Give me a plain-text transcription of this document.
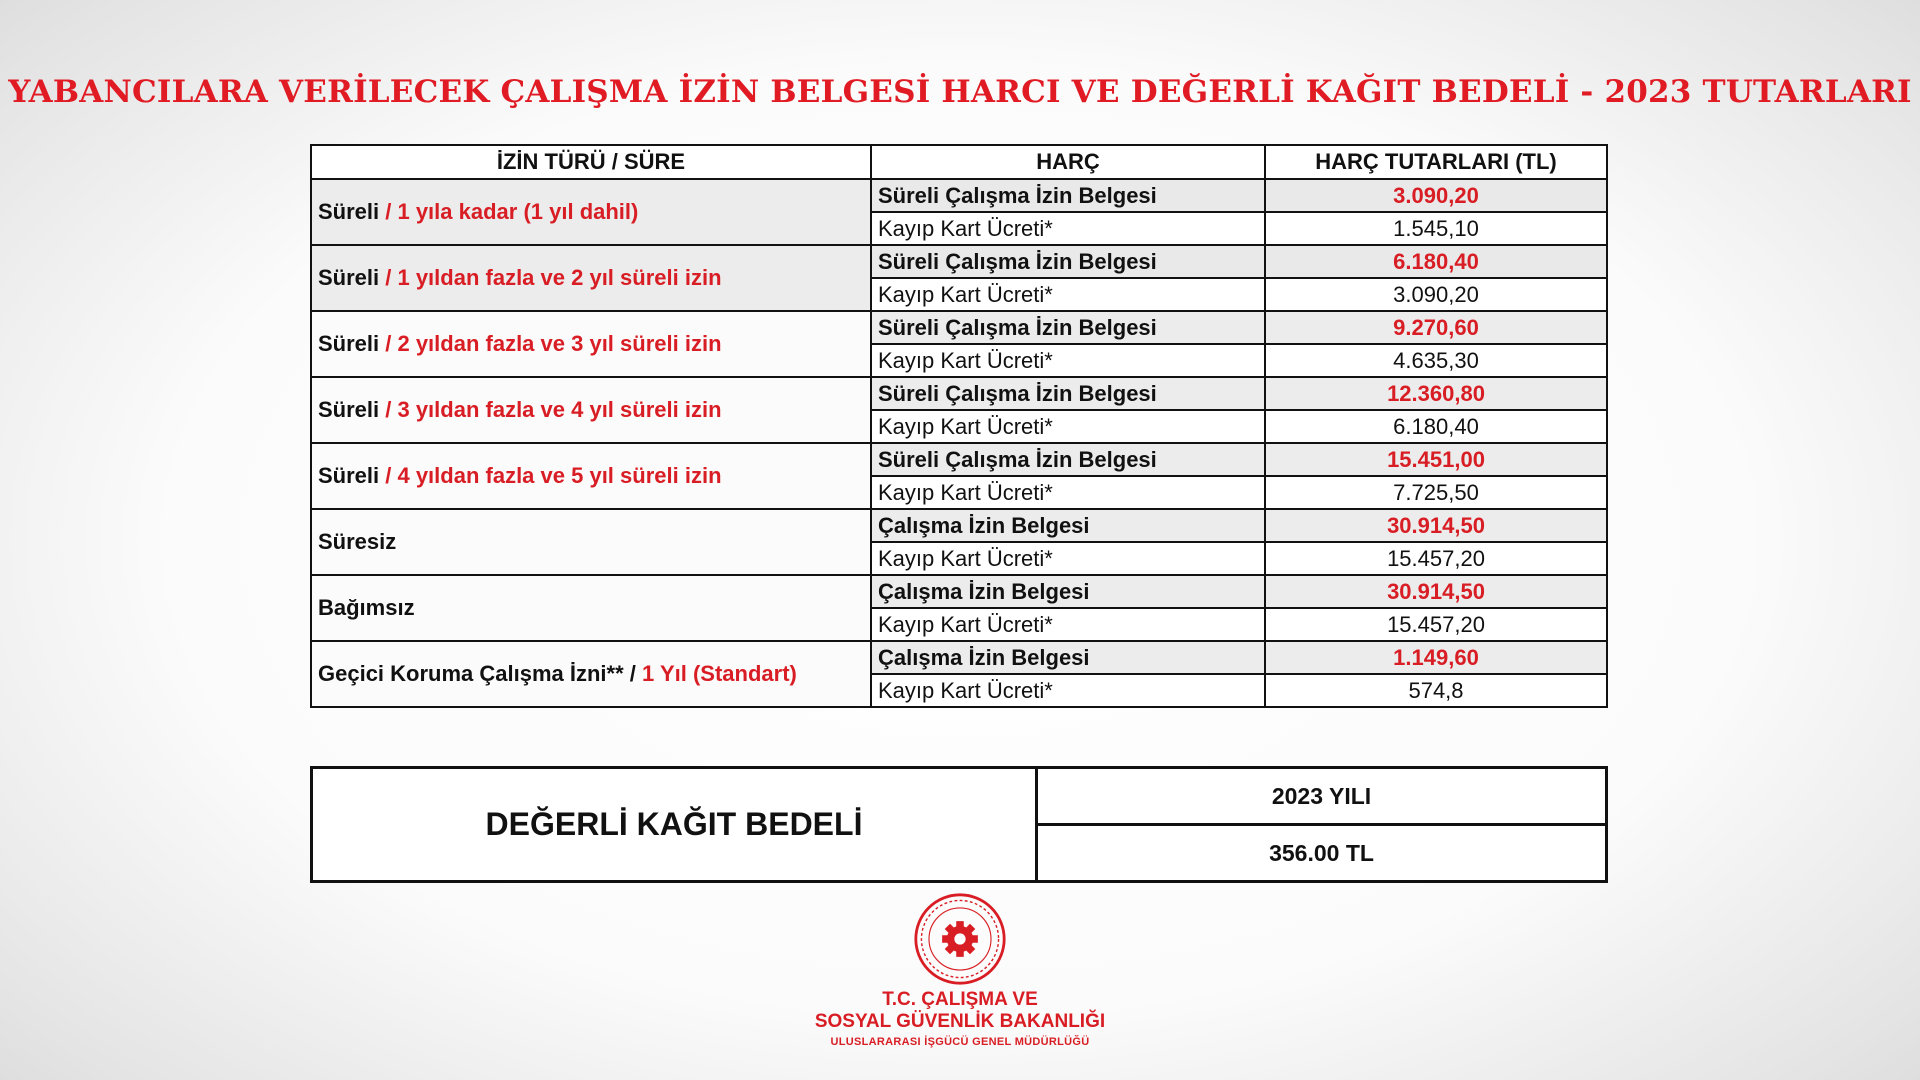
YABANCILARA VERİLECEK ÇALIŞMA İZİN BELGESİ HARCI VE DEĞERLİ KAĞIT BEDELİ - 2023 TUTARLARI
İZİN TÜRÜ / SÜRE	HARÇ	HARÇ TUTARLARI (TL)
Süreli / 1 yıla kadar (1 yıl dahil)	Süreli Çalışma İzin Belgesi	3.090,20
	Kayıp Kart Ücreti*	1.545,10
Süreli / 1 yıldan fazla ve 2 yıl süreli izin	Süreli Çalışma İzin Belgesi	6.180,40
	Kayıp Kart Ücreti*	3.090,20
Süreli / 2 yıldan fazla ve 3 yıl süreli izin	Süreli Çalışma İzin Belgesi	9.270,60
	Kayıp Kart Ücreti*	4.635,30
Süreli / 3 yıldan fazla ve 4 yıl süreli izin	Süreli Çalışma İzin Belgesi	12.360,80
	Kayıp Kart Ücreti*	6.180,40
Süreli / 4 yıldan fazla ve 5 yıl süreli izin	Süreli Çalışma İzin Belgesi	15.451,00
	Kayıp Kart Ücreti*	7.725,50
Süresiz	Çalışma İzin Belgesi	30.914,50
	Kayıp Kart Ücreti*	15.457,20
Bağımsız	Çalışma İzin Belgesi	30.914,50
	Kayıp Kart Ücreti*	15.457,20
Geçici Koruma Çalışma İzni** / 1 Yıl (Standart)	Çalışma İzin Belgesi	1.149,60
	Kayıp Kart Ücreti*	574,8
DEĞERLİ KAĞIT BEDELİ	2023 YILI
356.00 TL
T.C. ÇALIŞMA VE
SOSYAL GÜVENLİK BAKANLIĞI
ULUSLARARASI İŞGÜCÜ GENEL MÜDÜRLÜĞÜ
